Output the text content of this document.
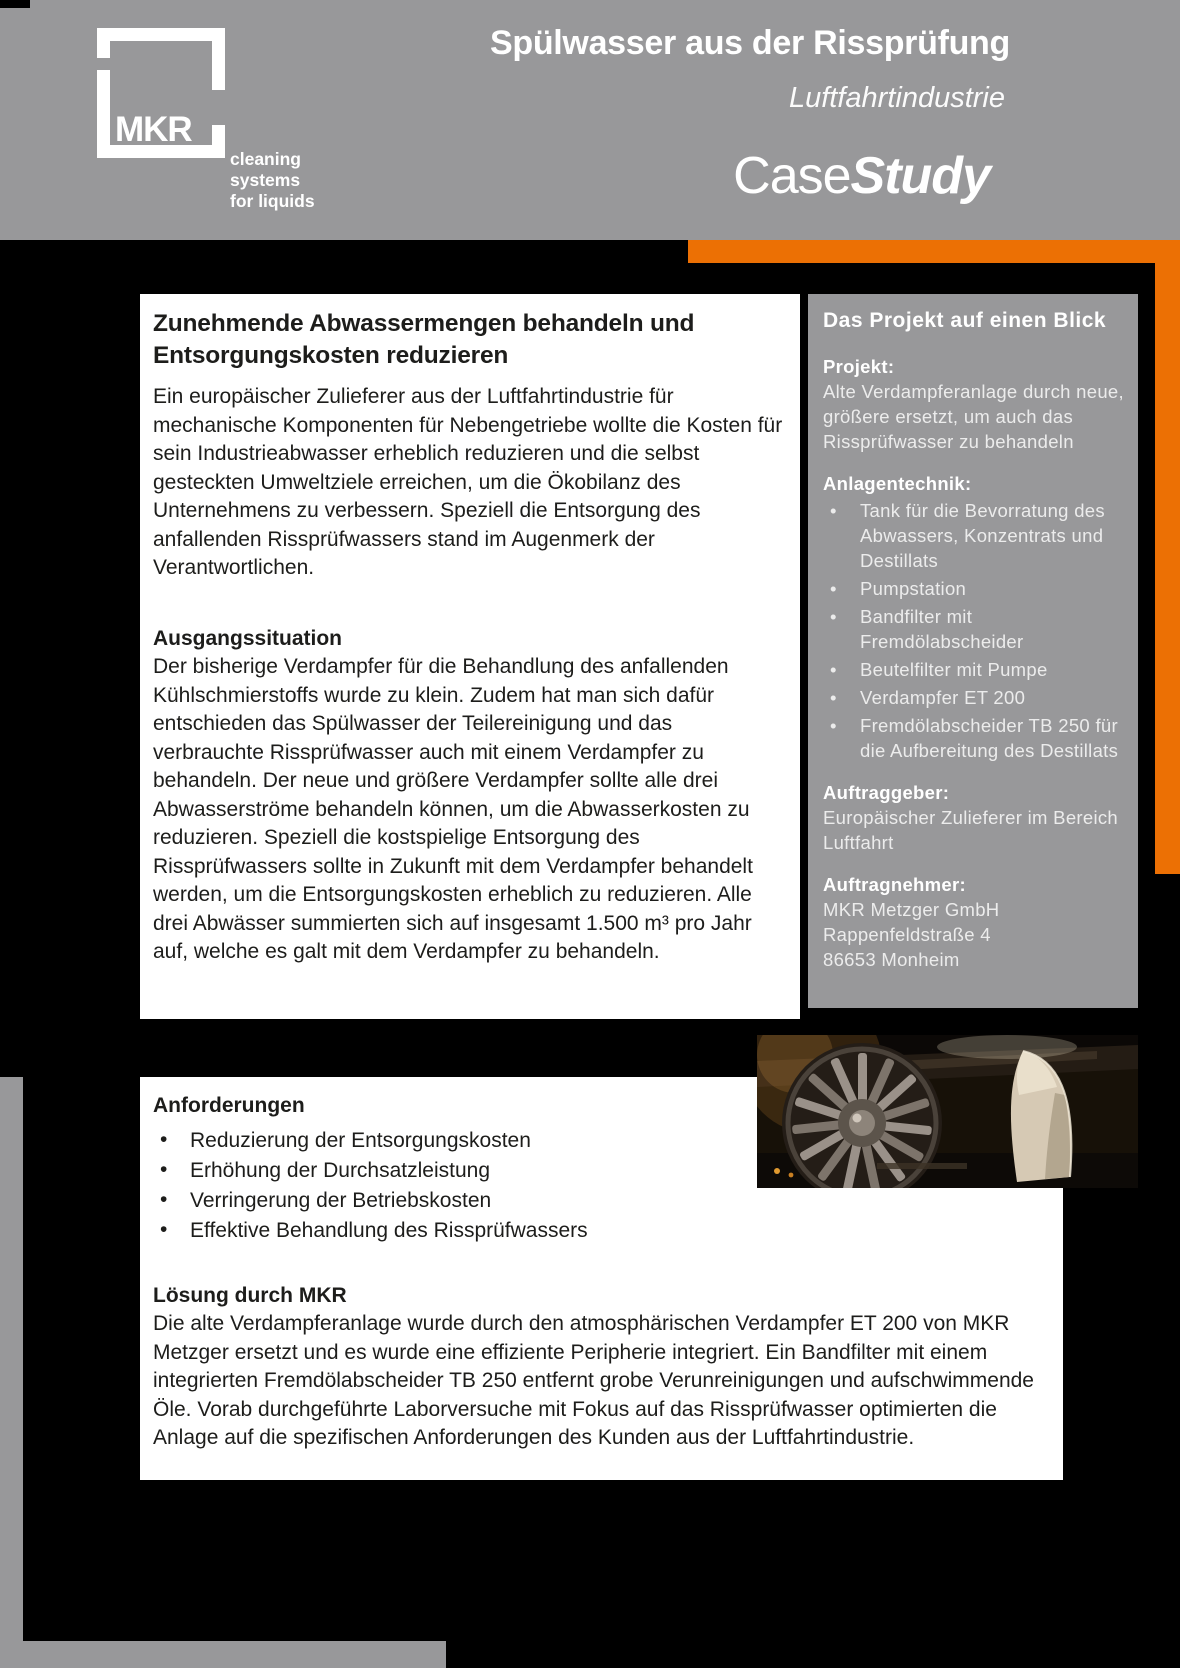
MKR
cleaning
systems
for liquids
Spülwasser aus der Rissprüfung
Luftfahrtindustrie
CaseStudy
Zunehmende Abwassermengen behandeln und Entsorgungskosten reduzieren

Ein europäischer Zulieferer aus der Luftfahrtindustrie für mechanische Komponenten für Nebengetriebe wollte die Kosten für sein Industrieabwasser erheblich reduzieren und die selbst gesteckten Umweltziele erreichen, um die Ökobilanz des Unternehmens zu verbessern. Speziell die Entsorgung des anfallenden Rissprüfwassers stand im Augenmerk der Verantwortlichen.

Ausgangssituation

Der bisherige Verdampfer für die Behandlung des anfallenden Kühlschmierstoffs wurde zu klein. Zudem hat man sich dafür entschieden das Spülwasser der Teilereinigung und das verbrauchte Rissprüfwasser auch mit einem Verdampfer zu behandeln. Der neue und größere Verdampfer sollte alle drei Abwasserströme behandeln können, um die Abwasserkosten zu reduzieren. Speziell die kostspielige Entsorgung des Rissprüfwassers sollte in Zukunft mit dem Verdampfer behandelt werden, um die Entsorgungskosten erheblich zu reduzieren. Alle drei Abwässer summierten sich auf insgesamt 1.500 m³ pro Jahr auf, welche es galt mit dem Verdampfer zu behandeln.

Das Projekt auf einen Blick
Projekt:
Alte Verdampferanlage durch neue, größere ersetzt, um auch das Rissprüfwasser zu behandeln
Anlagentechnik:
• Tank für die Bevorratung des Abwassers, Konzentrats und Destillats
• Pumpstation
• Bandfilter mit Fremdölabscheider
• Beutelfilter mit Pumpe
• Verdampfer ET 200
• Fremdölabscheider TB 250 für die Aufbereitung des Destillats
Auftraggeber:
Europäischer Zulieferer im Bereich Luftfahrt
Auftragnehmer:
MKR Metzger GmbH
Rappenfeldstraße 4
86653 Monheim
Anforderungen
• Reduzierung der Entsorgungskosten
• Erhöhung der Durchsatzleistung
• Verringerung der Betriebskosten
• Effektive Behandlung des Rissprüfwassers
Lösung durch MKR

Die alte Verdampferanlage wurde durch den atmosphärischen Verdampfer ET 200 von MKR Metzger ersetzt und es wurde eine effiziente Peripherie integriert. Ein Bandfilter mit einem integrierten Fremdölabscheider TB 250 entfernt grobe Verunreinigungen und aufschwimmende Öle. Vorab durchgeführte Laborversuche mit Fokus auf das Rissprüfwasser optimierten die Anlage auf die spezifischen Anforderungen des Kunden aus der Luftfahrtindustrie.
